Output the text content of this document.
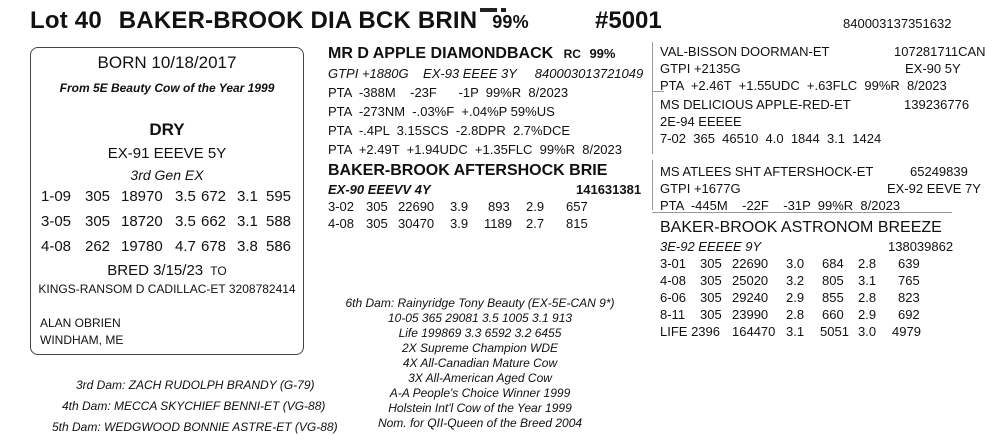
Lot 40 BAKER-BROOK DIA BCK BRIN 99%	#5001	840003137351632
BORN 10/18/2017
From 5E Beauty Cow of the Year 1999
DRY
EX-91 EEEVE 5Y
3rd Gen EX
1-09 305 18970 3.5 672 3.1 595
3-05 305 18720 3.5 662 3.1 588
4-08 262 19780 4.7 678 3.8 586
BRED 3/15/23 TO
KINGS-RANSOM D CADILLAC-ET 3208782414
ALAN OBRIEN
WINDHAM, ME
MR D APPLE DIAMONDBACK RC 99%
GTPI +1880G    EX-93 EEEE 3Y     840003013721049
PTA  -388M    -23F      -1P  99%R  8/2023
PTA  -273NM  -.03%F  +.04%P 59%US
PTA  -.4PL  3.15SCS  -2.8DPR  2.7%DCE
PTA  +2.49T  +1.94UDC  +1.35FLC  99%R  8/2023
BAKER-BROOK AFTERSHOCK BRIE
EX-90 EEEVV 4Y	141631381
3-02 305 22690 3.9 893 2.9 657
4-08 305 30470 3.9 1189 2.7 815
VAL-BISSON DOORMAN-ET	107281711CAN
GTPI +2135G	EX-90 5Y
PTA  +2.46T  +1.55UDC  +.63FLC  99%R  8/2023
MS DELICIOUS APPLE-RED-ET	139236776
2E-94 EEEEE
7-02  365  46510  4.0  1844  3.1  1424
MS ATLEES SHT AFTERSHOCK-ET	65249839
GTPI +1677G	EX-92 EEVE 7Y
PTA  -445M    -22F    -31P  99%R  8/2023
BAKER-BROOK ASTRONOM BREEZE
3E-92 EEEEE 9Y	138039862
3-01 305 22690 3.0 684 2.8 639
4-08 305 25020 3.2 805 3.1 765
6-06 305 29240 2.9 855 2.8 823
8-11 305 23990 2.8 660 2.9 692
LIFE 2396 164470 3.1 5051 3.0 4979
6th Dam: Rainyridge Tony Beauty (EX-5E-CAN 9*)
10-05 365 29081 3.5 1005 3.1 913
Life 199869 3.3 6592 3.2 6455
2X Supreme Champion WDE
4X All-Canadian Mature Cow
3X All-American Aged Cow
A-A People's Choice Winner 1999
Holstein Int'l Cow of the Year 1999
Nom. for QII-Queen of the Breed 2004
3rd Dam: ZACH RUDOLPH BRANDY (G-79)
4th Dam: MECCA SKYCHIEF BENNI-ET (VG-88)
5th Dam: WEDGWOOD BONNIE ASTRE-ET (VG-88)
